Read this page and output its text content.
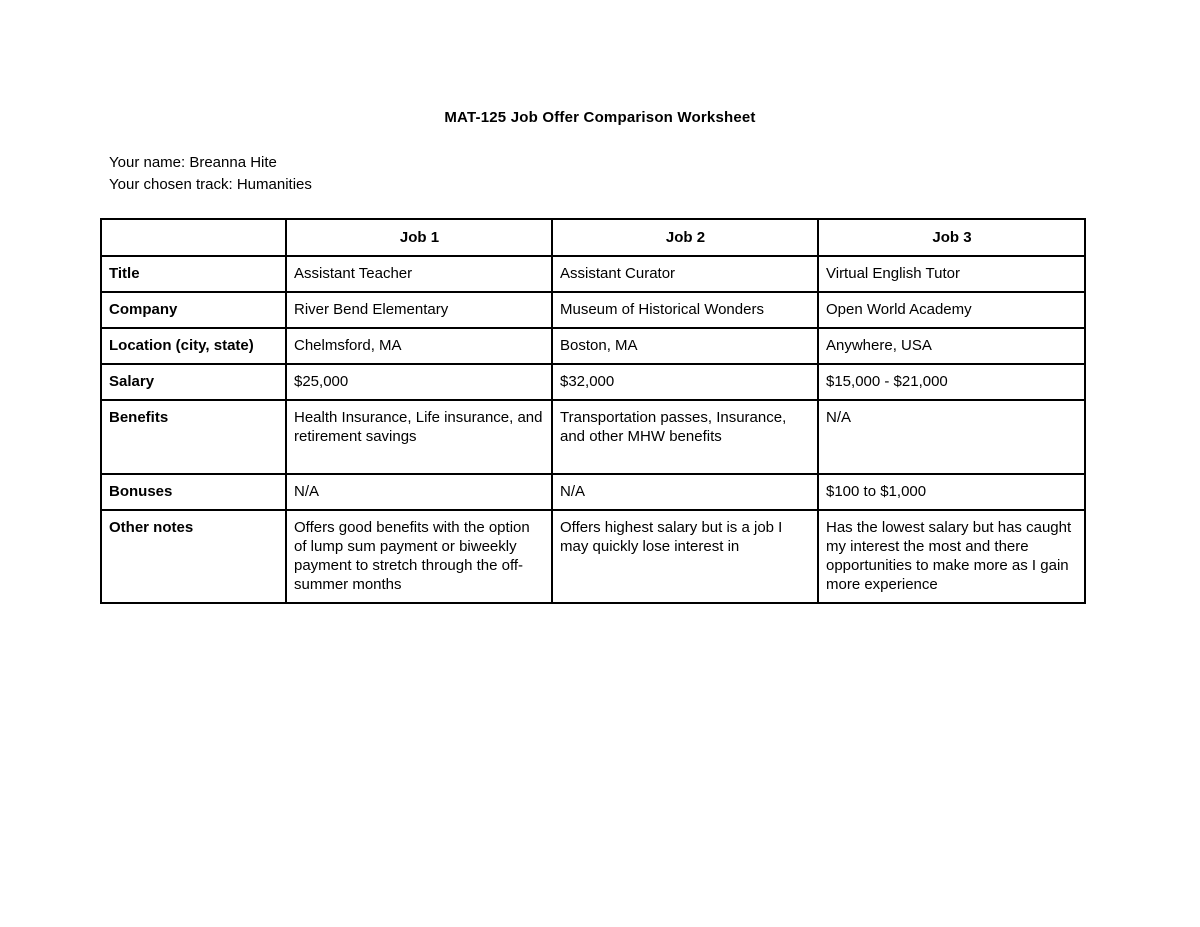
MAT-125 Job Offer Comparison Worksheet
Your name: Breanna Hite
Your chosen track: Humanities
	Job 1	Job 2	Job 3
Title	Assistant Teacher	Assistant Curator	Virtual English Tutor
Company	River Bend Elementary	Museum of Historical Wonders	Open World Academy
Location (city, state)	Chelmsford, MA	Boston, MA	Anywhere, USA
Salary	$25,000	$32,000	$15,000 - $21,000
Benefits	Health Insurance, Life insurance, and retirement savings	Transportation passes, Insurance, and other MHW benefits	N/A
Bonuses	N/A	N/A	$100 to $1,000
Other notes	Offers good benefits with the option of lump sum payment or biweekly payment to stretch through the off-summer months	Offers highest salary but is a job I may quickly lose interest in	Has the lowest salary but has caught my interest the most and there opportunities to make more as I gain more experience
